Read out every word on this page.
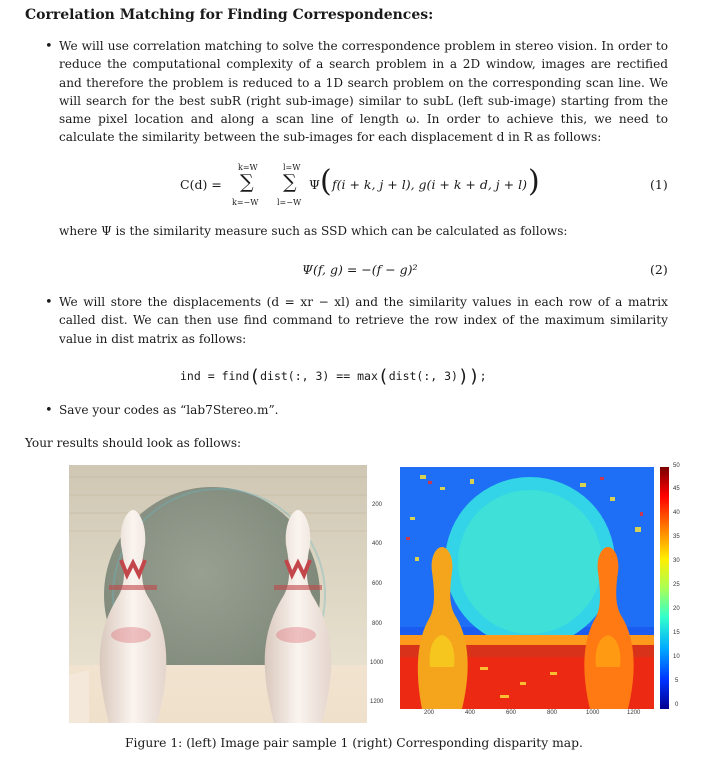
Correlation Matching for Finding Correspondences:
• We will use correlation matching to solve the correspondence problem in stereo vision. In order to reduce the computational complexity of a search problem in a 2D window, images are rectified and therefore the problem is reduced to a 1D search problem on the corresponding scan line. We will search for the best subR (right sub-image) similar to subL (left sub-image) starting from the same pixel location and along a scan line of length ω. In order to achieve this, we need to calculate the similarity between the sub-images for each displacement d in R as follows:
C(d) =
k=W
∑
k=−W
l=W
∑
l=−W
Ψ ( f(i + k, j + l), g(i + k + d, j + l) )	(1)
where Ψ is the similarity measure such as SSD which can be calculated as follows:
Ψ(f, g) = −(f − g)²	(2)
• We will store the displacements (d = xr − xl) and the similarity values in each row of a matrix called dist. We can then use find command to retrieve the row index of the maximum similarity value in dist matrix as follows:
ind = find(dist(:, 3) == max(dist(:, 3)));
• Save your codes as “lab7Stereo.m”.
Your results should look as follows:
200
400
600
800
1000
1200
200	400	600	800	1000	1200
50
45
40
35
30
25
20
15
10
5
0
Figure 1: (left) Image pair sample 1 (right) Corresponding disparity map.
